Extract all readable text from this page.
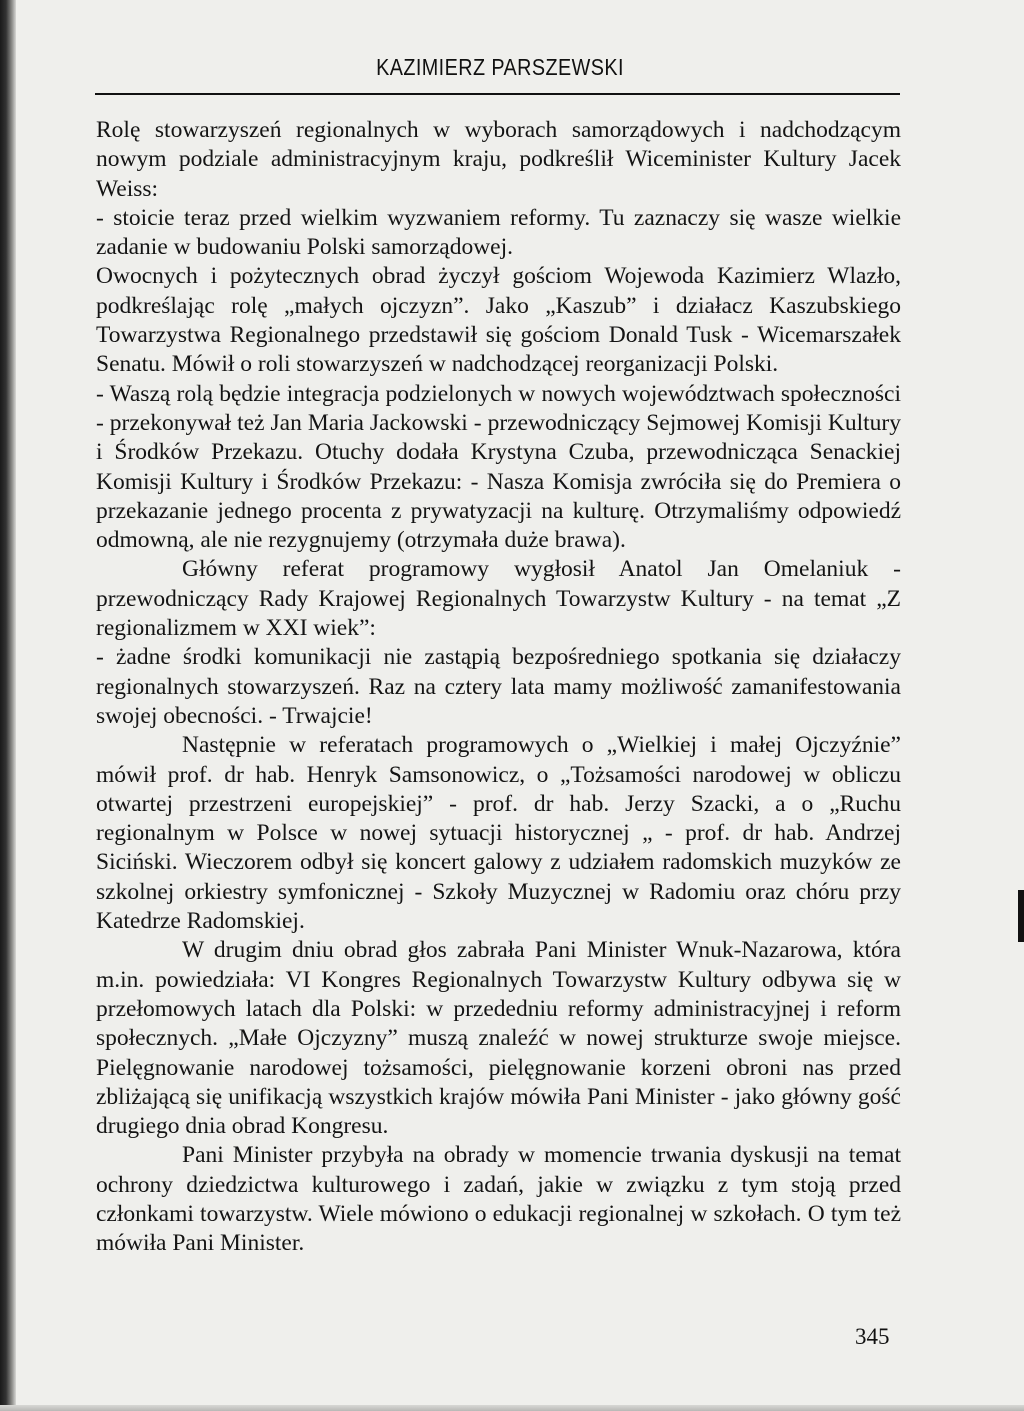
KAZIMIERZ PARSZEWSKI

Rolę stowarzyszeń regionalnych w wyborach samorządowych i nadchodzącym nowym podziale administracyjnym kraju, podkreślił Wiceminister Kultury Jacek Weiss:

- stoicie teraz przed wielkim wyzwaniem reformy. Tu zaznaczy się wasze wielkie zadanie w budowaniu Polski samorządowej.

Owocnych i pożytecznych obrad życzył gościom Wojewoda Kazimierz Wlazło, podkreślając rolę „małych ojczyzn”. Jako „Kaszub” i działacz Kaszubskiego Towarzystwa Regionalnego przedstawił się gościom Donald Tusk - Wicemarszałek Senatu. Mówił o roli stowarzyszeń w nadchodzącej reorganizacji Polski.

- Waszą rolą będzie integracja podzielonych w nowych województwach społeczności - przekonywał też Jan Maria Jackowski - przewodniczący Sejmowej Komisji Kultury i Środków Przekazu. Otuchy dodała Krystyna Czuba, przewodnicząca Senackiej Komisji Kultury i Środków Przekazu: - Nasza Komisja zwróciła się do Premiera o przekazanie jednego procenta z prywatyzacji na kulturę. Otrzymaliśmy odpowiedź odmowną, ale nie rezygnujemy (otrzymała duże brawa).

Główny referat programowy wygłosił Anatol Jan Omelaniuk - przewodniczący Rady Krajowej Regionalnych Towarzystw Kultury - na temat „Z regionalizmem w XXI wiek”:

- żadne środki komunikacji nie zastąpią bezpośredniego spotkania się działaczy regionalnych stowarzyszeń. Raz na cztery lata mamy możliwość zamanifestowania swojej obecności. - Trwajcie!

Następnie w referatach programowych o „Wielkiej i małej Ojczyźnie” mówił prof. dr hab. Henryk Samsonowicz, o „Tożsamości narodowej w obliczu otwartej przestrzeni europejskiej” - prof. dr hab. Jerzy Szacki, a o „Ruchu regionalnym w Polsce w nowej sytuacji historycznej „ - prof. dr hab. Andrzej Siciński. Wieczorem odbył się koncert galowy z udziałem radomskich muzyków ze szkolnej orkiestry symfonicznej - Szkoły Muzycznej w Radomiu oraz chóru przy Katedrze Radomskiej.

W drugim dniu obrad głos zabrała Pani Minister Wnuk-Nazarowa, która m.in. powiedziała: VI Kongres Regionalnych Towarzystw Kultury odbywa się w przełomowych latach dla Polski: w przededniu reformy administracyjnej i reform społecznych. „Małe Ojczyzny” muszą znaleźć w nowej strukturze swoje miejsce. Pielęgnowanie narodowej tożsamości, pielęgnowanie korzeni obroni nas przed zbliżającą się unifikacją wszystkich krajów mówiła Pani Minister - jako główny gość drugiego dnia obrad Kongresu.

Pani Minister przybyła na obrady w momencie trwania dyskusji na temat ochrony dziedzictwa kulturowego i zadań, jakie w związku z tym stoją przed członkami towarzystw. Wiele mówiono o edukacji regionalnej w szkołach. O tym też mówiła Pani Minister.

345
